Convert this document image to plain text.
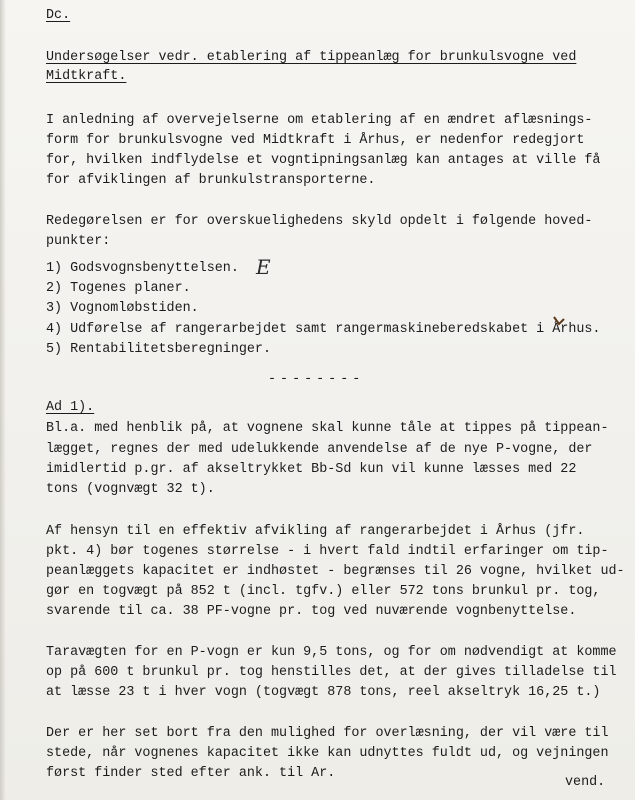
Dc.
Undersøgelser vedr. etablering af tippeanlæg for brunkulsvogne ved
Midtkraft.
I anledning af overvejelserne om etablering af en ændret aflæsnings-
form for brunkulsvogne ved Midtkraft i Århus, er nedenfor redegjort
for, hvilken indflydelse et vogntipningsanlæg kan antages at ville få
for afviklingen af brunkulstransporterne.
Redegørelsen er for overskuelighedens skyld opdelt i følgende hoved-
punkter:
1) Godsvognsbenyttelsen.
2) Togenes planer.
3) Vognomløbstiden.
4) Udførelse af rangerarbejdet samt rangermaskineberedskabet i Århus.
5) Rentabilitetsberegninger.
E
--------
Ad 1).
Bl.a. med henblik på, at vognene skal kunne tåle at tippes på tippean-
lægget, regnes der med udelukkende anvendelse af de nye P-vogne, der
imidlertid p.gr. af akseltrykket Bb-Sd kun vil kunne læsses med 22
tons (vognvægt 32 t).
Af hensyn til en effektiv afvikling af rangerarbejdet i Århus (jfr.
pkt. 4) bør togenes størrelse - i hvert fald indtil erfaringer om tip-
peanlæggets kapacitet er indhøstet - begrænses til 26 vogne, hvilket ud-
gør en togvægt på 852 t (incl. tgfv.) eller 572 tons brunkul pr. tog,
svarende til ca. 38 PF-vogne pr. tog ved nuværende vognbenyttelse.
Taravægten for en P-vogn er kun 9,5 tons, og for om nødvendigt at komme
op på 600 t brunkul pr. tog henstilles det, at der gives tilladelse til
at læsse 23 t i hver vogn (togvægt 878 tons, reel akseltryk 16,25 t.)
Der er her set bort fra den mulighed for overlæsning, der vil være til
stede, når vognenes kapacitet ikke kan udnyttes fuldt ud, og vejningen
først finder sted efter ank. til Ar.
vend.
